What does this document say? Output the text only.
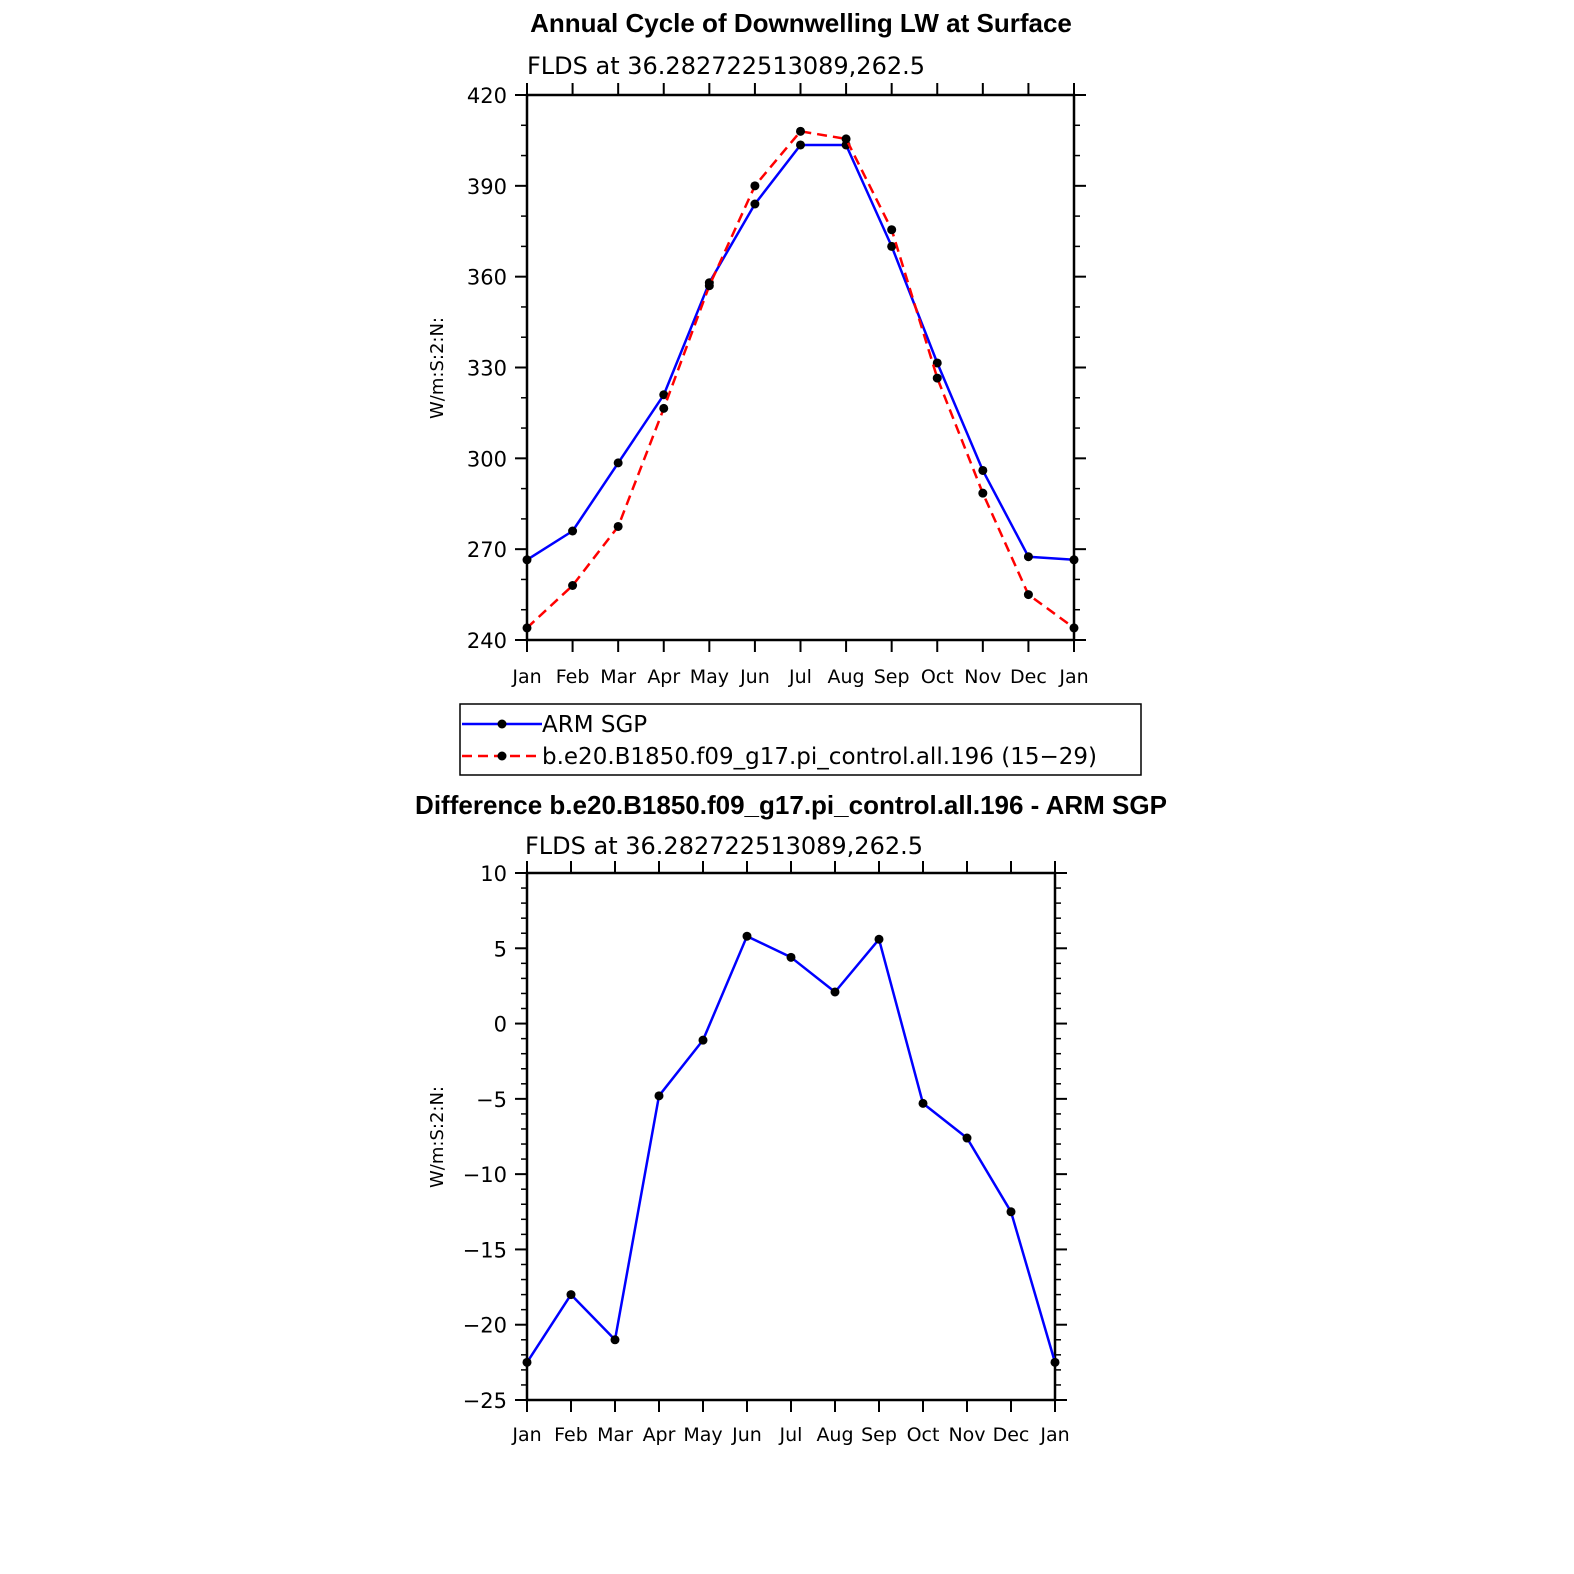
Annual Cycle of Downwelling LW at Surface
FLDS at 36.282722513089,262.5
W/m:S:2:N:
240
270
300
330
360
390
420
Jan Feb Mar Apr May Jun Jul Aug Sep Oct Nov Dec Jan
ARM SGP
b.e20.B1850.f09_g17.pi_control.all.196 (15−29)
Difference b.e20.B1850.f09_g17.pi_control.all.196 - ARM SGP
FLDS at 36.282722513089,262.5
W/m:S:2:N:
−25
−20
−15
−10
−5
0
5
10
Jan Feb Mar Apr May Jun Jul Aug Sep Oct Nov Dec Jan
